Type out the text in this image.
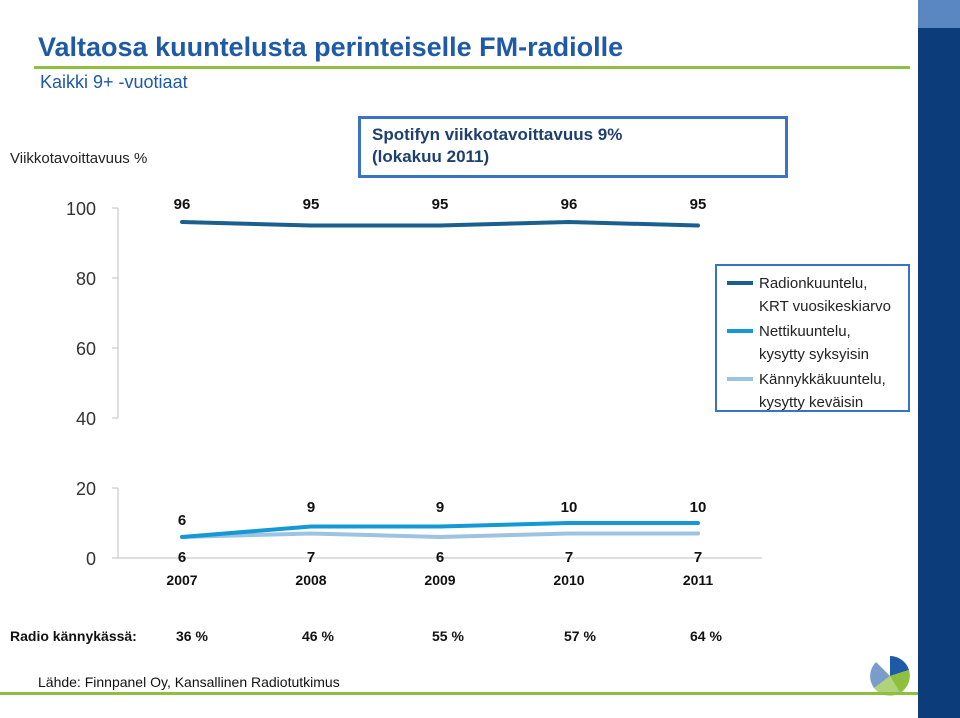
Valtaosa kuuntelusta perinteiselle FM-radiolle
Kaikki 9+ -vuotiaat
Viikkotavoittavuus %
Spotifyn viikkotavoittavuus 9%
(lokakuu 2011)
100
80
60
40
20
0
2007	2008	2009	2010	2011
96	95	95	96	95
6
9	9	10	10
6	7	6	7	7
Radionkuuntelu,
KRT vuosikeskiarvo
Nettikuuntelu,
kysytty syksyisin
Kännykkäkuuntelu,
kysytty keväisin
Radio kännykässä:	36 %	46 %	55 %	57 %	64 %
Lähde: Finnpanel Oy, Kansallinen Radiotutkimus
